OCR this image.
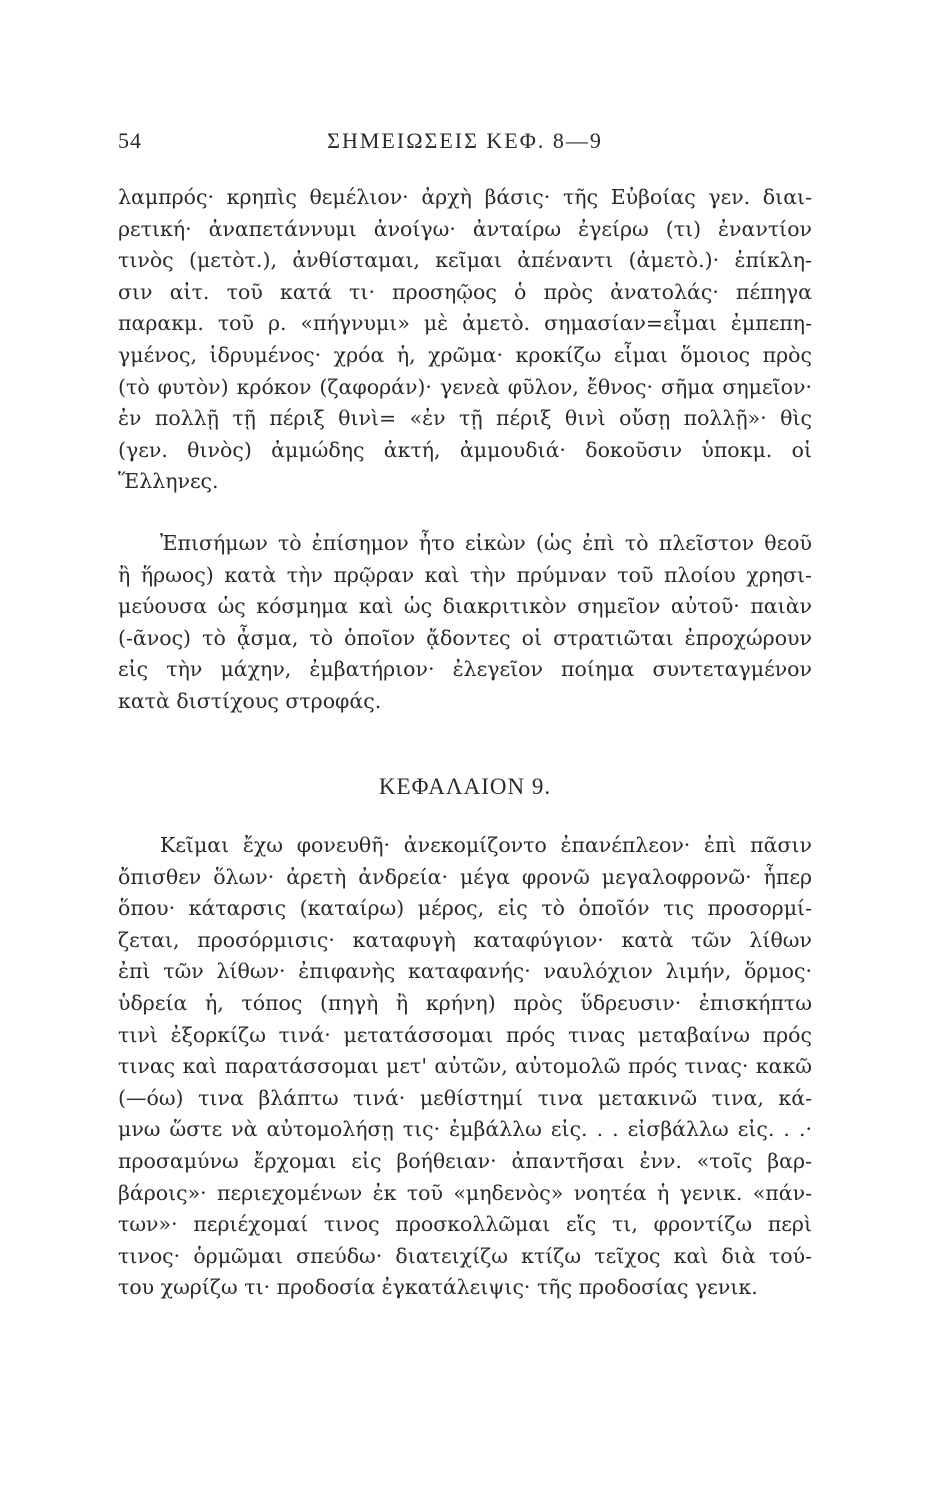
54	ΣΗΜΕΙΩΣΕΙΣ ΚΕΦ. 8—9
λαμπρός· κρηπὶς θεμέλιον· ἀρχὴ βάσις· τῆς Εὐβοίας γεν. διαι-
ρετική· ἀναπετάννυμι ἀνοίγω· ἀνταίρω ἐγείρω (τι) ἐναντίον
τινὸς (μετὸτ.), ἀνθίσταμαι, κεῖμαι ἀπέναντι (ἀμετὸ.)· ἐπίκλη-
σιν αἰτ. τοῦ κατά τι· προσηῷος ὁ πρὸς ἀνατολάς· πέπηγα
παρακμ. τοῦ ρ. «πήγνυμι» μὲ ἀμετὸ. σημασίαν=εἶμαι ἐμπεπη-
γμένος, ἱδρυμένος· χρόα ἡ, χρῶμα· κροκίζω εἶμαι ὅμοιος πρὸς
(τὸ φυτὸν) κρόκον (ζαφοράν)· γενεὰ φῦλον, ἔθνος· σῆμα σημεῖον·
ἐν πολλῇ τῇ πέριξ θινὶ= «ἐν τῇ πέριξ θινὶ οὔσῃ πολλῇ»· θὶς
(γεν. θινὸς) ἀμμώδης ἀκτή, ἀμμουδιά· δοκοῦσιν ὑποκμ. οἱ
Ἕλληνες.
Ἐπισήμων τὸ ἐπίσημον ἦτο εἰκὼν (ὡς ἐπὶ τὸ πλεῖστον θεοῦ
ἢ ἥρωος) κατὰ τὴν πρῷραν καὶ τὴν πρύμναν τοῦ πλοίου χρησι-
μεύουσα ὡς κόσμημα καὶ ὡς διακριτικὸν σημεῖον αὐτοῦ· παιὰν
(-ᾶνος) τὸ ᾆσμα, τὸ ὁποῖον ᾄδοντες οἱ στρατιῶται ἐπροχώρουν
εἰς τὴν μάχην, ἐμβατήριον· ἐλεγεῖον ποίημα συντεταγμένον
κατὰ διστίχους στροφάς.
ΚΕΦΑΛΑΙΟΝ 9.
Κεῖμαι ἔχω φονευθῆ· ἀνεκομίζοντο ἐπανέπλεον· ἐπὶ πᾶσιν
ὄπισθεν ὅλων· ἀρετὴ ἀνδρεία· μέγα φρονῶ μεγαλοφρονῶ· ἧπερ
ὅπου· κάταρσις (καταίρω) μέρος, εἰς τὸ ὁποῖόν τις προσορμί-
ζεται, προσόρμισις· καταφυγὴ καταφύγιον· κατὰ τῶν λίθων
ἐπὶ τῶν λίθων· ἐπιφανὴς καταφανής· ναυλόχιον λιμήν, ὅρμος·
ὑδρεία ἡ, τόπος (πηγὴ ἢ κρήνη) πρὸς ὕδρευσιν· ἐπισκήπτω
τινὶ ἐξορκίζω τινά· μετατάσσομαι πρός τινας μεταβαίνω πρός
τινας καὶ παρατάσσομαι μετ' αὐτῶν, αὐτομολῶ πρός τινας· κακῶ
(—όω) τινα βλάπτω τινά· μεθίστημί τινα μετακινῶ τινα, κά-
μνω ὥστε νὰ αὐτομολήσῃ τις· ἐμβάλλω εἰς. . . εἰσβάλλω εἰς. . .·
προσαμύνω ἔρχομαι εἰς βοήθειαν· ἀπαντῆσαι ἐνν. «τοῖς βαρ-
βάροις»· περιεχομένων ἐκ τοῦ «μηδενὸς» νοητέα ἡ γενικ. «πάν-
των»· περιέχομαί τινος προσκολλῶμαι εἴς τι, φροντίζω περὶ
τινος· ὁρμῶμαι σπεύδω· διατειχίζω κτίζω τεῖχος καὶ διὰ τού-
του χωρίζω τι· προδοσία ἐγκατάλειψις· τῆς προδοσίας γενικ.
